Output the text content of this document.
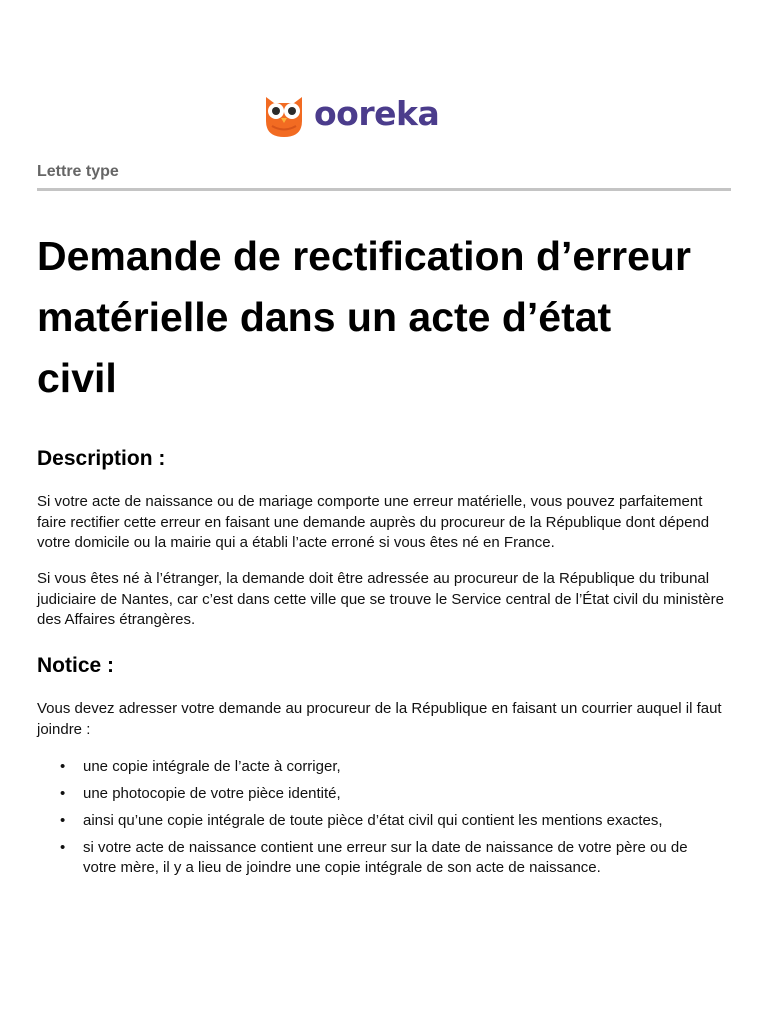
ooreka
Lettre type
Demande de rectification d’erreur matérielle dans un acte d’état civil
Description :

Si votre acte de naissance ou de mariage comporte une erreur matérielle, vous pouvez parfaitement faire rectifier cette erreur en faisant une demande auprès du procureur de la République dont dépend votre domicile ou la mairie qui a établi l’acte erroné si vous êtes né en France.

Si vous êtes né à l’étranger, la demande doit être adressée au procureur de la République du tribunal judiciaire de Nantes, car c’est dans cette ville que se trouve le Service central de l’État civil du ministère des Affaires étrangères.

Notice :

Vous devez adresser votre demande au procureur de la République en faisant un courrier auquel il faut joindre :

• une copie intégrale de l’acte à corriger,
• une photocopie de votre pièce identité,
• ainsi qu’une copie intégrale de toute pièce d’état civil qui contient les mentions exactes,
• si votre acte de naissance contient une erreur sur la date de naissance de votre père ou de votre mère, il y a lieu de joindre une copie intégrale de son acte de naissance.
